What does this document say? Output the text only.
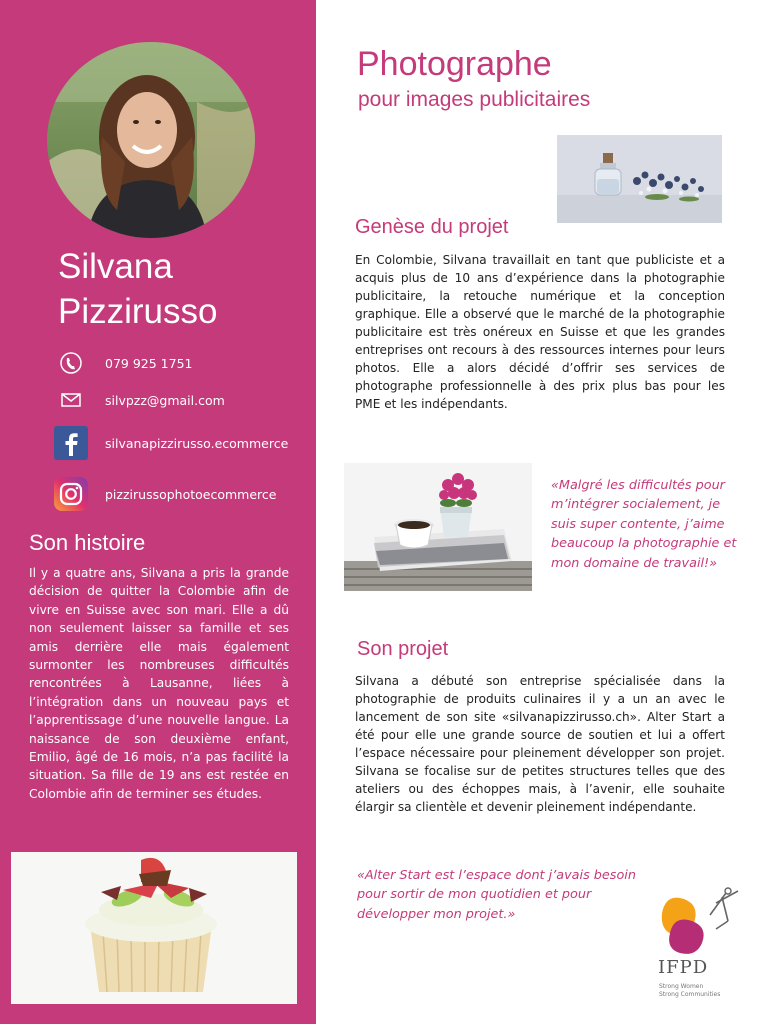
Silvana
Pizzirusso
079 925 1751
silvpzz@gmail.com
silvanapizzirusso.ecommerce
pizzirussophotoecommerce
Son histoire
Il y a quatre ans, Silvana a pris la grande décision de quitter la Colombie afin de vivre en Suisse avec son mari. Elle a dû non seulement laisser sa famille et ses amis derrière elle mais également surmonter les nombreuses difficultés rencontrées à Lausanne, liées à l’intégration dans un nouveau pays et l’apprentissage d’une nouvelle langue. La naissance de son deuxième enfant, Emilio, âgé de 16 mois, n’a pas facilité la situation. Sa fille de 19 ans est restée en Colombie afin de terminer ses études.
Photographe
pour images publicitaires
Genèse du projet
En Colombie, Silvana travaillait en tant que publiciste et a acquis plus de 10 ans d’expérience dans la photographie publicitaire, la retouche numérique et la conception graphique. Elle a observé que le marché de la photographie publicitaire est très onéreux en Suisse et que les grandes entreprises ont recours à des ressources internes pour leurs photos. Elle a alors décidé d’offrir ses services de photographe professionnelle à des prix plus bas pour les PME et les indépendants.
«Malgré les difficultés pour m’intégrer socialement, je suis super contente, j’aime beaucoup la photographie et mon domaine de travail!»
Son projet
Silvana a débuté son entreprise spécialisée dans la photographie de produits culinaires il y a un an avec le lancement de son site «silvanapizzirusso.ch». Alter Start a été pour elle une grande source de soutien et lui a offert l’espace nécessaire pour pleinement développer son projet. Silvana se focalise sur de petites structures telles que des ateliers ou des échoppes mais, à l’avenir, elle souhaite élargir sa clientèle et devenir pleinement indépendante.
«Alter Start est l’espace dont j’avais besoin pour sortir de mon quotidien et pour développer mon projet.»
IFPD
Strong Women
Strong Communities
